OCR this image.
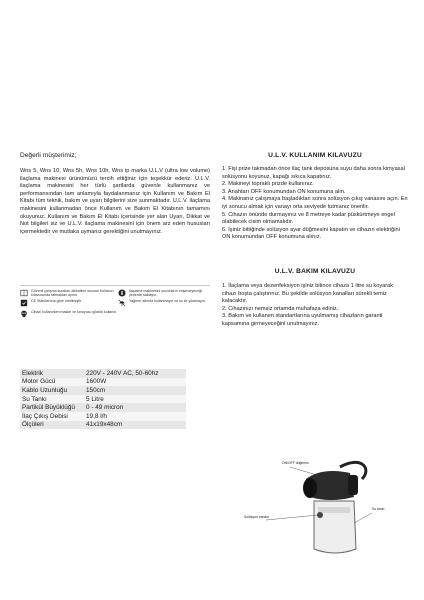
Değerli müşterimiz;
Wns 5, Wns 10, Wns 5h, Wns 10h, Wns ip marka U.L.V (ultra low volume) ilaçlama makinesi ürünümüzü tercih ettiğiniz için teşekkür ederiz. U.L.V. ilaçlama makinesini her türlü şartlarda güvenle kullanmanız ve performansından tam anlamıyla faydalanmanız için Kullanım ve Bakım El Kitabı tüm teknik, bakım ve uyarı bilgilerini size sunmaktadır. U.L.V. ilaçlama makinesini kullanmadan önce Kullanım ve Bakım El Kitabının tamamını okuyunuz. Kullanım ve Bakım El Kitabı içerisinde yer alan Uyarı, Dikkat ve Not bilgileri siz ve U.L.V. ilaçlama makinesini için önem arz eden hususları içermektedir ve mutlaka uymanız gerektiğini unutmayınız.
Güvenli çalışma kuralları dikkatlice okunan Kullanıcı kılavuzunda tatmaktan ayırın.
İlaçlama makinesini çocukların erişemeyeceği yerlerde saklayın.
CE Standartına göre üretilmiştir.	Yağmur altında kullanmayın ve su ile yıkamayın.
Cihazı kullanırken maske ve koruyucu gözlük kullanın.
Elektrik	220V - 240V AC, 50-60hz
Motor Gücü	1600W
Kablo Uzunluğu	150cm
Su Tankı	5 Litre
Partikül Büyüklüğü	0 - 49 micron
İlaç Çıkış Debisi	19,8 l/h
Ölçüleri	41x19x48cm
U.L.V. KULLANIM KILAVUZU
1. Fişi prize takmadan önce ilaç tank deposuna suyu daha sonra kimyasal solüsyonu koyunuz, kapağı sıkıca kapatınız.
2. Makineyi topraklı prizde kullanınız.
3. Anahtarı OFF konumundan ON konumuna alın.
4. Makinanız çalışmaya başladıktan sonra solüsyon çıkış vanasını açın. En iyi sonucu almak için vanayı orta seviyede tutmanız önerilir.
5. Cihazın önünde durmayınız ve 8 metreye kadar püskürtmeye engel olabilecek cisim olmamalıdır.
6. İşiniz bittiğinde solüsyon ayar düğmesini kapatın ve cihazın elektriğini ON konumundan OFF konumuna alınız.
U.L.V. BAKIM KILAVUZU
1. İlaçlama veya dezenfeksiyon işiniz bitince cihaza 1 litre su koyarak cihazı boşta çalıştırınız. Bu şekilde solüsyon kanalları sürekli temiz kalacaktır.
2. Cihazınızı nemsiz ortamda muhafaza ediniz.
3. Bakım ve kullanım standartlarına uyulmamış cihazların garanti kapsamına girmeyeceğini unutmayınız.
ON/OFF düğmesi
Solüsyon vanası
Su tankı
